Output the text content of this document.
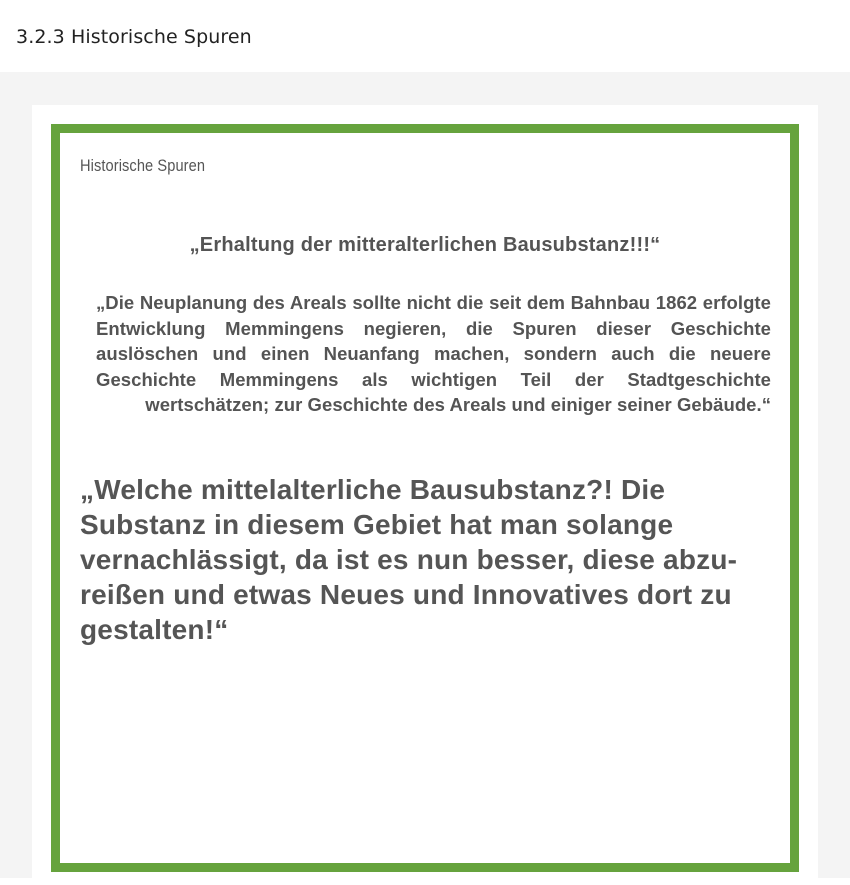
3.2.3 Historische Spuren

Historische Spuren

„Erhaltung der mitteralterlichen Bausubstanz!!!“

„Die Neuplanung des Areals sollte nicht die seit dem Bahnbau 1862 erfolgte Entwicklung Memmingens negieren, die Spuren dieser Geschichte auslöschen und einen Neuanfang machen, sondern auch die neuere Geschichte Memmingens als wichtigen Teil der Stadtgeschichte wertschätzen; zur Geschichte des Areals und einiger seiner Gebäude.“

„Welche mittelalterliche Bausubstanz?! Die Substanz in diesem Gebiet hat man solange vernachlässigt, da ist es nun besser, diese abzureißen und etwas Neues und Innovatives dort zu gestalten!“
